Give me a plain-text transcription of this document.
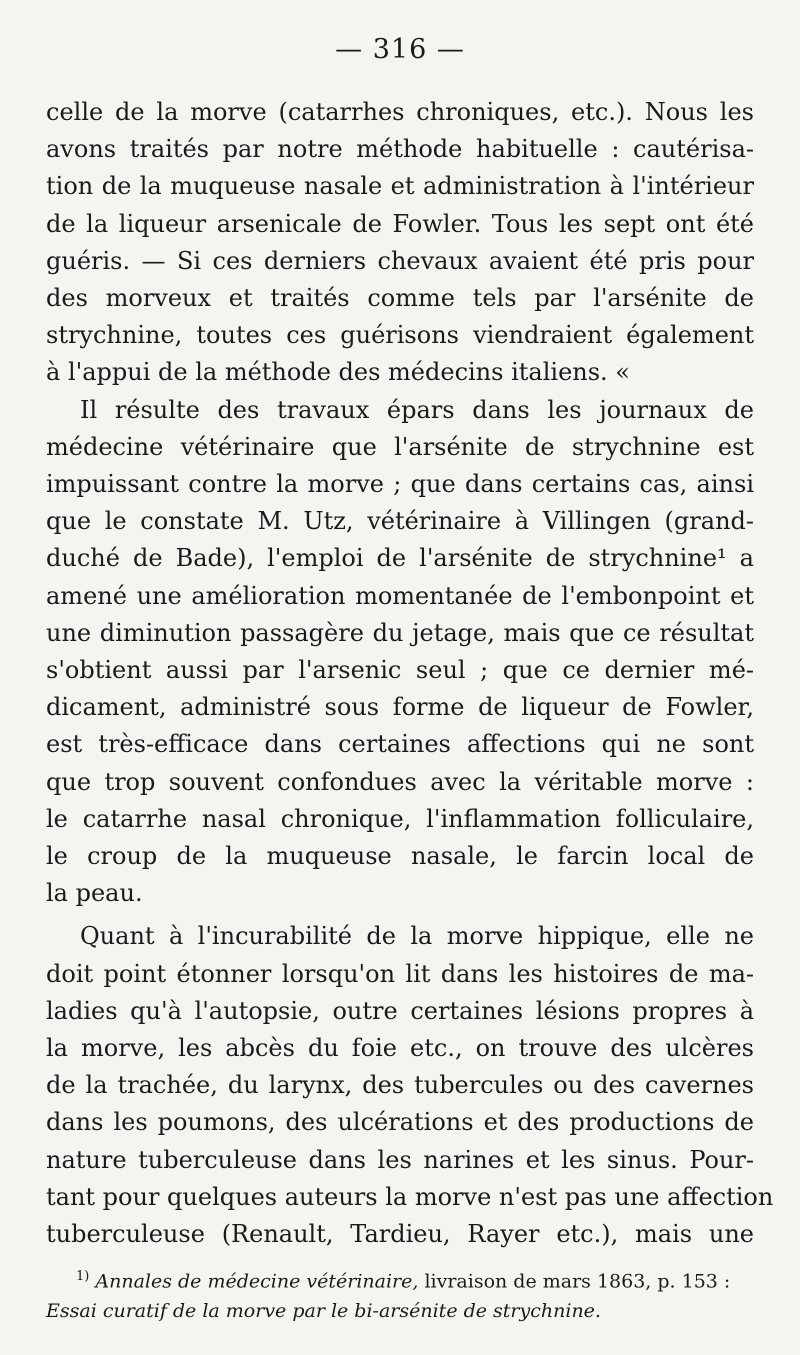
— 316 —
celle de la morve (catarrhes chroniques, etc.). Nous les
avons traités par notre méthode habituelle : cautérisa-
tion de la muqueuse nasale et administration à l'intérieur
de la liqueur arsenicale de Fowler. Tous les sept ont été
guéris. — Si ces derniers chevaux avaient été pris pour
des morveux et traités comme tels par l'arsénite de
strychnine, toutes ces guérisons viendraient également
à l'appui de la méthode des médecins italiens. «
Il résulte des travaux épars dans les journaux de
médecine vétérinaire que l'arsénite de strychnine est
impuissant contre la morve ; que dans certains cas, ainsi
que le constate M. Utz, vétérinaire à Villingen (grand-
duché de Bade), l'emploi de l'arsénite de strychnine¹ a
amené une amélioration momentanée de l'embonpoint et
une diminution passagère du jetage, mais que ce résultat
s'obtient aussi par l'arsenic seul ; que ce dernier mé-
dicament, administré sous forme de liqueur de Fowler,
est très-efficace dans certaines affections qui ne sont
que trop souvent confondues avec la véritable morve :
le catarrhe nasal chronique, l'inflammation folliculaire,
le croup de la muqueuse nasale, le farcin local de
la peau.
Quant à l'incurabilité de la morve hippique, elle ne
doit point étonner lorsqu'on lit dans les histoires de ma-
ladies qu'à l'autopsie, outre certaines lésions propres à
la morve, les abcès du foie etc., on trouve des ulcères
de la trachée, du larynx, des tubercules ou des cavernes
dans les poumons, des ulcérations et des productions de
nature tuberculeuse dans les narines et les sinus. Pour-
tant pour quelques auteurs la morve n'est pas une affection
tuberculeuse (Renault, Tardieu, Rayer etc.), mais une
$^{1)}$ Annales de médecine vétérinaire, livraison de mars 1863, p. 153 :
Essai curatif de la morve par le bi-arsénite de strychnine.
